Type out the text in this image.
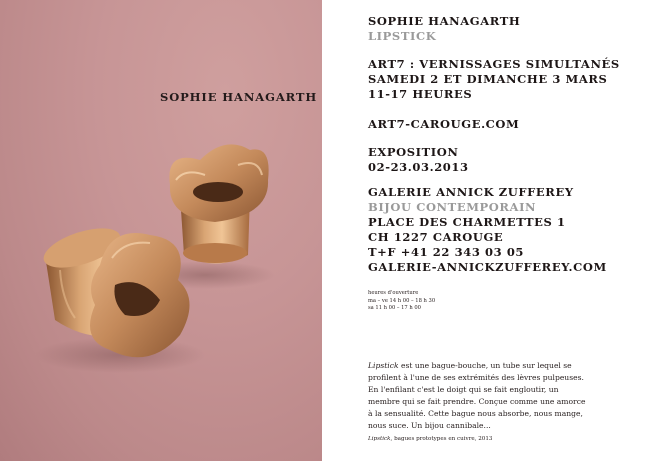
SOPHIE HANAGARTH
SOPHIE HANAGARTH
LIPSTICK
ART7 : VERNISSAGES SIMULTANÉS
SAMEDI 2 ET DIMANCHE 3 MARS
11-17 HEURES
ART7-CAROUGE.COM
EXPOSITION
02-23.03.2013
GALERIE ANNICK ZUFFEREY
BIJOU CONTEMPORAIN
PLACE DES CHARMETTES 1
CH 1227 CAROUGE
T+F +41 22 343 03 05
GALERIE-ANNICKZUFFEREY.COM
heures d'ouverture
ma – ve 14 h 00 – 18 h 30
sa 11 h 00 – 17 h 00
Lipstick est une bague-bouche, un tube sur lequel se
profilent à l'une de ses extrémités des lèvres pulpeuses.
En l'enfilant c'est le doigt qui se fait engloutir, un
membre qui se fait prendre. Conçue comme une amorce
à la sensualité. Cette bague nous absorbe, nous mange,
nous suce. Un bijou cannibale...
Lipstick, bagues prototypes en cuivre, 2013
